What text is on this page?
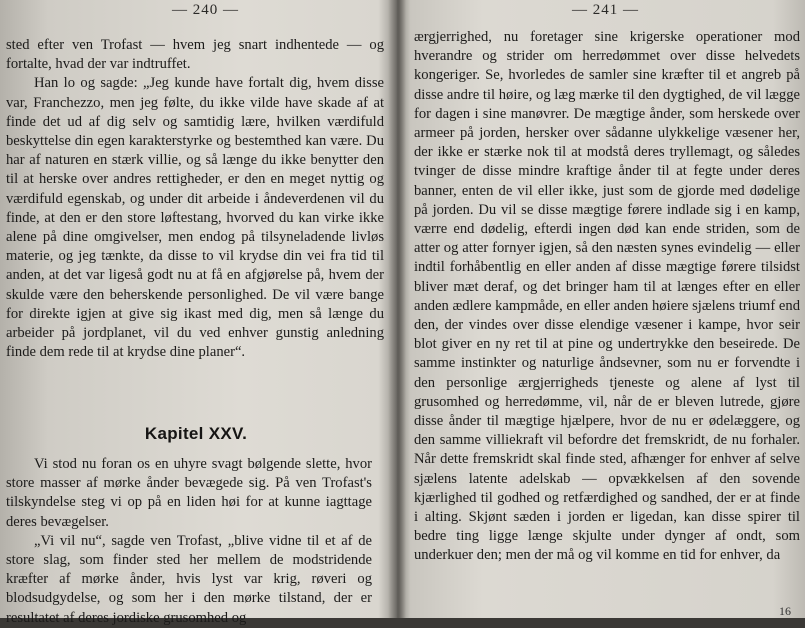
— 240 —

sted efter ven Trofast — hvem jeg snart indhentede — og fortalte, hvad der var indtruffet.

Han lo og sagde: „Jeg kunde have fortalt dig, hvem disse var, Franchezzo, men jeg følte, du ikke vilde have skade af at finde det ud af dig selv og samtidig lære, hvilken værdifuld beskyttelse din egen karakterstyrke og bestemthed kan være. Du har af naturen en stærk villie, og så længe du ikke benytter den til at herske over andres rettigheder, er den en meget nyttig og værdifuld egenskab, og under dit arbeide i åndeverdenen vil du finde, at den er den store løftestang, hvorved du kan virke ikke alene på dine omgivelser, men endog på tilsyneladende livløs materie, og jeg tænkte, da disse to vil krydse din vei fra tid til anden, at det var ligeså godt nu at få en afgjørelse på, hvem der skulde være den beherskende personlighed. De vil være bange for direkte igjen at give sig ikast med dig, men så længe du arbeider på jordplanet, vil du ved enhver gunstig anledning finde dem rede til at krydse dine planer“.

Kapitel XXV.

Vi stod nu foran os en uhyre svagt bølgende slette, hvor store masser af mørke ånder bevægede sig. På ven Trofast's tilskyndelse steg vi op på en liden høi for at kunne iagttage deres bevægelser.

„Vi vil nu“, sagde ven Trofast, „blive vidne til et af de store slag, som finder sted her mellem de modstridende kræfter af mørke ånder, hvis lyst var krig, røveri og blodsudgydelse, og som her i den mørke tilstand, der er resultatet af deres jordiske grusomhed og

— 241 —

ærgjerrighed, nu foretager sine krigerske operationer mod hverandre og strider om herredømmet over disse helvedets kongeriger. Se, hvorledes de samler sine kræfter til et angreb på disse andre til høire, og læg mærke til den dygtighed, de vil lægge for dagen i sine manøvrer. De mægtige ånder, som herskede over armeer på jorden, hersker over sådanne ulykkelige væsener her, der ikke er stærke nok til at modstå deres tryllemagt, og således tvinger de disse mindre kraftige ånder til at fegte under deres banner, enten de vil eller ikke, just som de gjorde med dødelige på jorden. Du vil se disse mægtige førere indlade sig i en kamp, værre end dødelig, efterdi ingen død kan ende striden, som de atter og atter fornyer igjen, så den næsten synes evindelig — eller indtil forhåbentlig en eller anden af disse mægtige førere tilsidst bliver mæt deraf, og det bringer ham til at længes efter en eller anden ædlere kampmåde, en eller anden høiere sjælens triumf end den, der vindes over disse elendige væsener i kampe, hvor seir blot giver en ny ret til at pine og undertrykke den beseirede. De samme instinkter og naturlige åndsevner, som nu er forvendte i den personlige ærgjerrigheds tjeneste og alene af lyst til grusomhed og herredømme, vil, når de er bleven lutrede, gjøre disse ånder til mægtige hjælpere, hvor de nu er ødelæggere, og den samme villiekraft vil befordre det fremskridt, de nu forhaler. Når dette fremskridt skal finde sted, afhænger for enhver af selve sjælens latente adelskab — opvækkelsen af den sovende kjærlighed til godhed og retfærdighed og sandhed, der er at finde i alting. Skjønt sæden i jorden er ligedan, kan disse spirer til bedre ting ligge længe skjulte under dynger af ondt, som underkuer den; men der må og vil komme en tid for enhver, da

16
